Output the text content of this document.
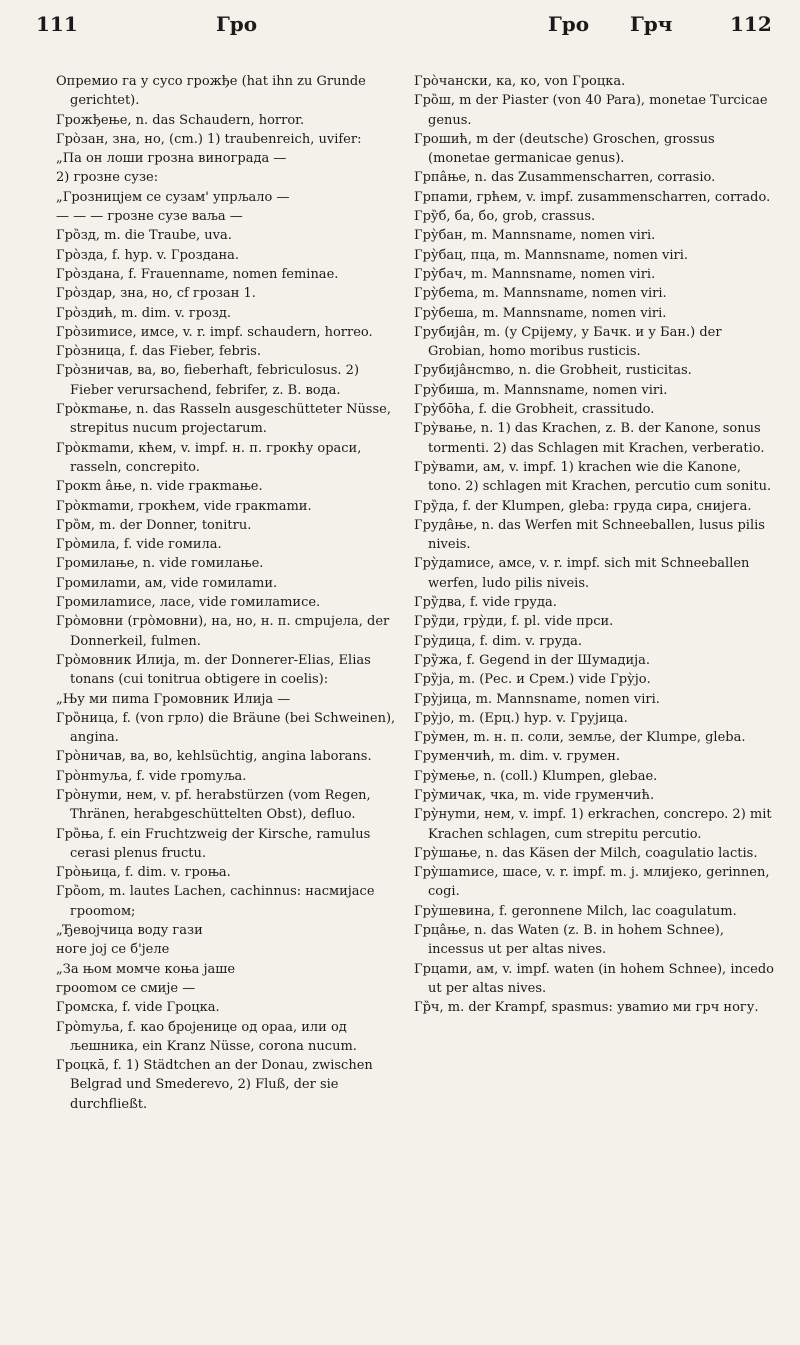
111	Гро	Гро Грч	112

Опремио га у сусо грожђе (hat ihn zu Grunde gerichtet).

Грожђење, n. das Schaudern, horror.

Гро̀зан, зна, но, (cm.) 1) traubenreich, uvifer:

„Па он лоши грозна винограда —

2) грозне сузе:

„Грозницjем се сузам' упрљало —

— — — грозне сузе ваља —

Гро̏зд, m. die Traube, uva.

Гро̀зда, f. hyp. v. Гроздана.

Гро̀здана, f. Frauenname, nomen feminae.

Гро̀здар, зна, но, cf грозан 1.

Гро̀здић, m. dim. v. грозд.

Гро̀зиmиcе, имcе, v. r. impf. schaudern, horreo.

Гро̀зница, f. das Fieber, febris.

Гро̀зничав, ва, во, fieberhaft, febriculosus. 2) Fieber verursachend, febrifer, z. B. вода.

Гро̀кmање, n. das Rasseln ausgeschütteter Nüsse, strepitus nucum projectarum.

Гро̀кmаmи, кћем, v. impf. н. п. грокћу ораси, rasseln, concrepito.

Грокm а̂ње, n. vide гракmање.

Гро̀кmаmи, грокћем, vide гракmаmи.

Гро̏м, m. der Donner, tonitru.

Гро̀мила, f. vide гомила.

Громилање, n. vide гомилање.

Громилаmи, ам, vide гомилаmи.

Громилаmиcе, лаcе, vide гомилаmиcе.

Гро̀мовни (гро̀мовни), на, но, н. п. сmрuјела, der Donnerkeil, fulmen.

Гро̀мовник Илија, m. der Donnerer-Elias, Elias tonans (cui tonitrua obtigere in coelis):

„Њу ми пиmа Громовник Илија —

Гро̏ница, f. (von грло) die Bräune (bei Schweinen), angina.

Гро̀ничав, ва, во, kehlsüchtig, angina laborans.

Гро̀нmуља, f. vide гроmуља.

Гро̀нуmи, нем, v. pf. herabstürzen (vom Regen, Thränen, herabgeschüttelten Obst), defluo.

Гро̏ња, f. ein Fruchtzweig der Kirsche, ramulus cerasi plenus fructu.

Гро̀њица, f. dim. v. гроња.

Гро̏оm, m. lautes Lachen, cachinnus: насмиjаcе грооmом;

„Ђевојчица воду гази

ноге јој се б'јеле

„За њом момче коња јаше

грооmом се смије —

Громска, f. vide Гроцка.

Гро̀mуља, f. као брojенице од ораа, или од љешника, ein Kranz Nüsse, corona nucum.

Гроцка̄, f. 1) Städtchen an der Donau, zwischen Belgrad und Smederevo, 2) Fluß, der sie durchfließt.

Гро̀чански, ка, ко, von Гроцка.

Гро̏ш, m der Piaster (von 40 Para), monetae Turcicae genus.

Грошић, m der (deutsche) Groschen, grossus (monetae germanicae genus).

Грпа̂ње, n. das Zusammenscharren, corrasio.

Грпаmи, грћем, v. impf. zusammenscharren, corrado.

Гру̏б, ба, бо, grob, crassus.

Гру̀бан, m. Mannsname, nomen viri.

Гру̀бац, пца, m. Mannsname, nomen viri.

Гру̀бач, m. Mannsname, nomen viri.

Гру̀беmа, m. Mannsname, nomen viri.

Гру̀беша, m. Mannsname, nomen viri.

Грубија̂н, m. (у Срijему, у Бачк. и у Бан.) der Grobian, homo moribus rusticis.

Грубија̂нсmво, n. die Grobheit, rusticitas.

Гру̀биша, m. Mannsname, nomen viri.

Гру̀бо̄ћа, f. die Grobheit, crassitudo.

Гру̀вање, n. 1) das Krachen, z. B. der Kanone, sonus tormenti. 2) das Schlagen mit Krachen, verberatio.

Гру̀ваmи, ам, v. impf. 1) krachen wie die Kanone, tono. 2) schlagen mit Krachen, percutio cum sonitu.

Гру̏да, f. der Klumpen, gleba: груда сира, снијега.

Груда̂ње, n. das Werfen mit Schneeballen, lusus pilis niveis.

Гру̀даmиcе, амсе, v. r. impf. sich mit Schneeballen werfen, ludo pilis niveis.

Гру̏два, f. vide груда.

Гру̏ди, гру̀ди, f. pl. vide прси.

Гру̀дица, f. dim. v. груда.

Гру̏жа, f. Gegend in der Шумадија.

Гру̏ја, m. (Рес. и Срем.) vide Гру̀јо.

Гру̀јица, m. Mannsname, nomen viri.

Гру̀јо, m. (Ерц.) hyp. v. Грујица.

Гру̀мен, m. н. п. соли, земље, der Klumpe, gleba.

Груменчић, m. dim. v. грумен.

Гру̀мење, n. (coll.) Klumpen, glebae.

Гру̀мичак, чка, m. vide груменчић.

Гру̀нуmи, нем, v. impf. 1) erkrachen, concrepo. 2) mit Krachen schlagen, cum strepitu percutio.

Гру̀шање, n. das Käsen der Milch, coagulatio lactis.

Гру̀шаmиcе, шаcе, v. r. impf. m. j. млијеко, gerinnen, cogi.

Гру̀шевина, f. geronnene Milch, lac coagulatum.

Грца̂ње, n. das Waten (z. B. in hohem Schnee), incessus ut per altas nives.

Грцаmи, ам, v. impf. waten (in hohem Schnee), incedo ut per altas nives.

Гр̏ч, m. der Krampf, spasmus: уваmио ми грч ногу.
